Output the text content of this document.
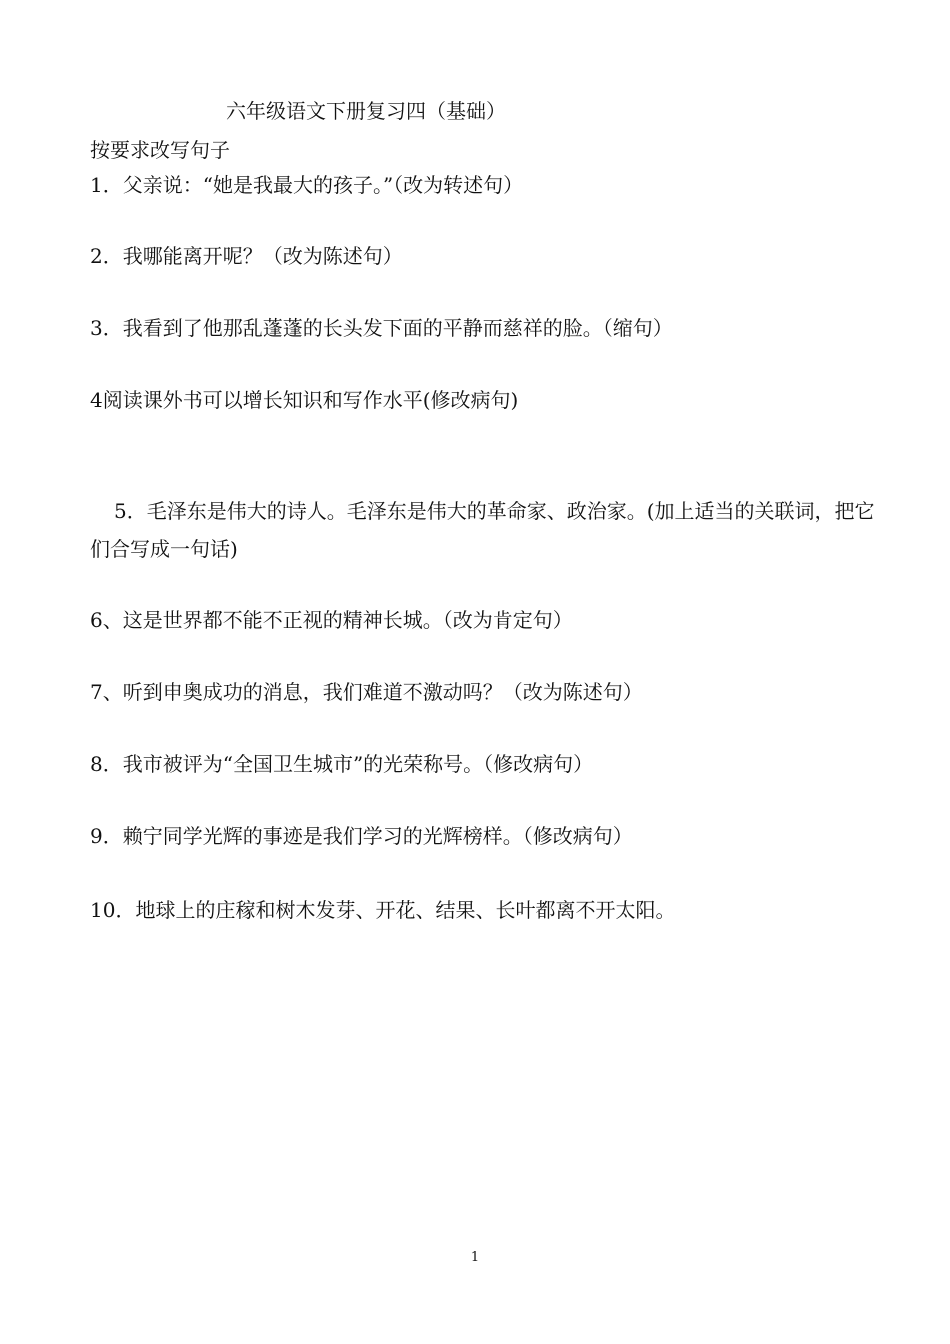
六年级语文下册复习四（基础）
按要求改写句子
1．父亲说：“她是我最大的孩子。”（改为转述句）
2．我哪能离开呢？（改为陈述句）
3．我看到了他那乱蓬蓬的长头发下面的平静而慈祥的脸。（缩句）
4阅读课外书可以增长知识和写作水平(修改病句)
5．毛泽东是伟大的诗人。毛泽东是伟大的革命家、政治家。(加上适当的关联词，把它们合写成一句话)
6、这是世界都不能不正视的精神长城。（改为肯定句）
7、听到申奥成功的消息，我们难道不激动吗？（改为陈述句）
8．我市被评为“全国卫生城市”的光荣称号。（修改病句）
9．赖宁同学光辉的事迹是我们学习的光辉榜样。（修改病句）
10．地球上的庄稼和树木发芽、开花、结果、长叶都离不开太阳。
1
